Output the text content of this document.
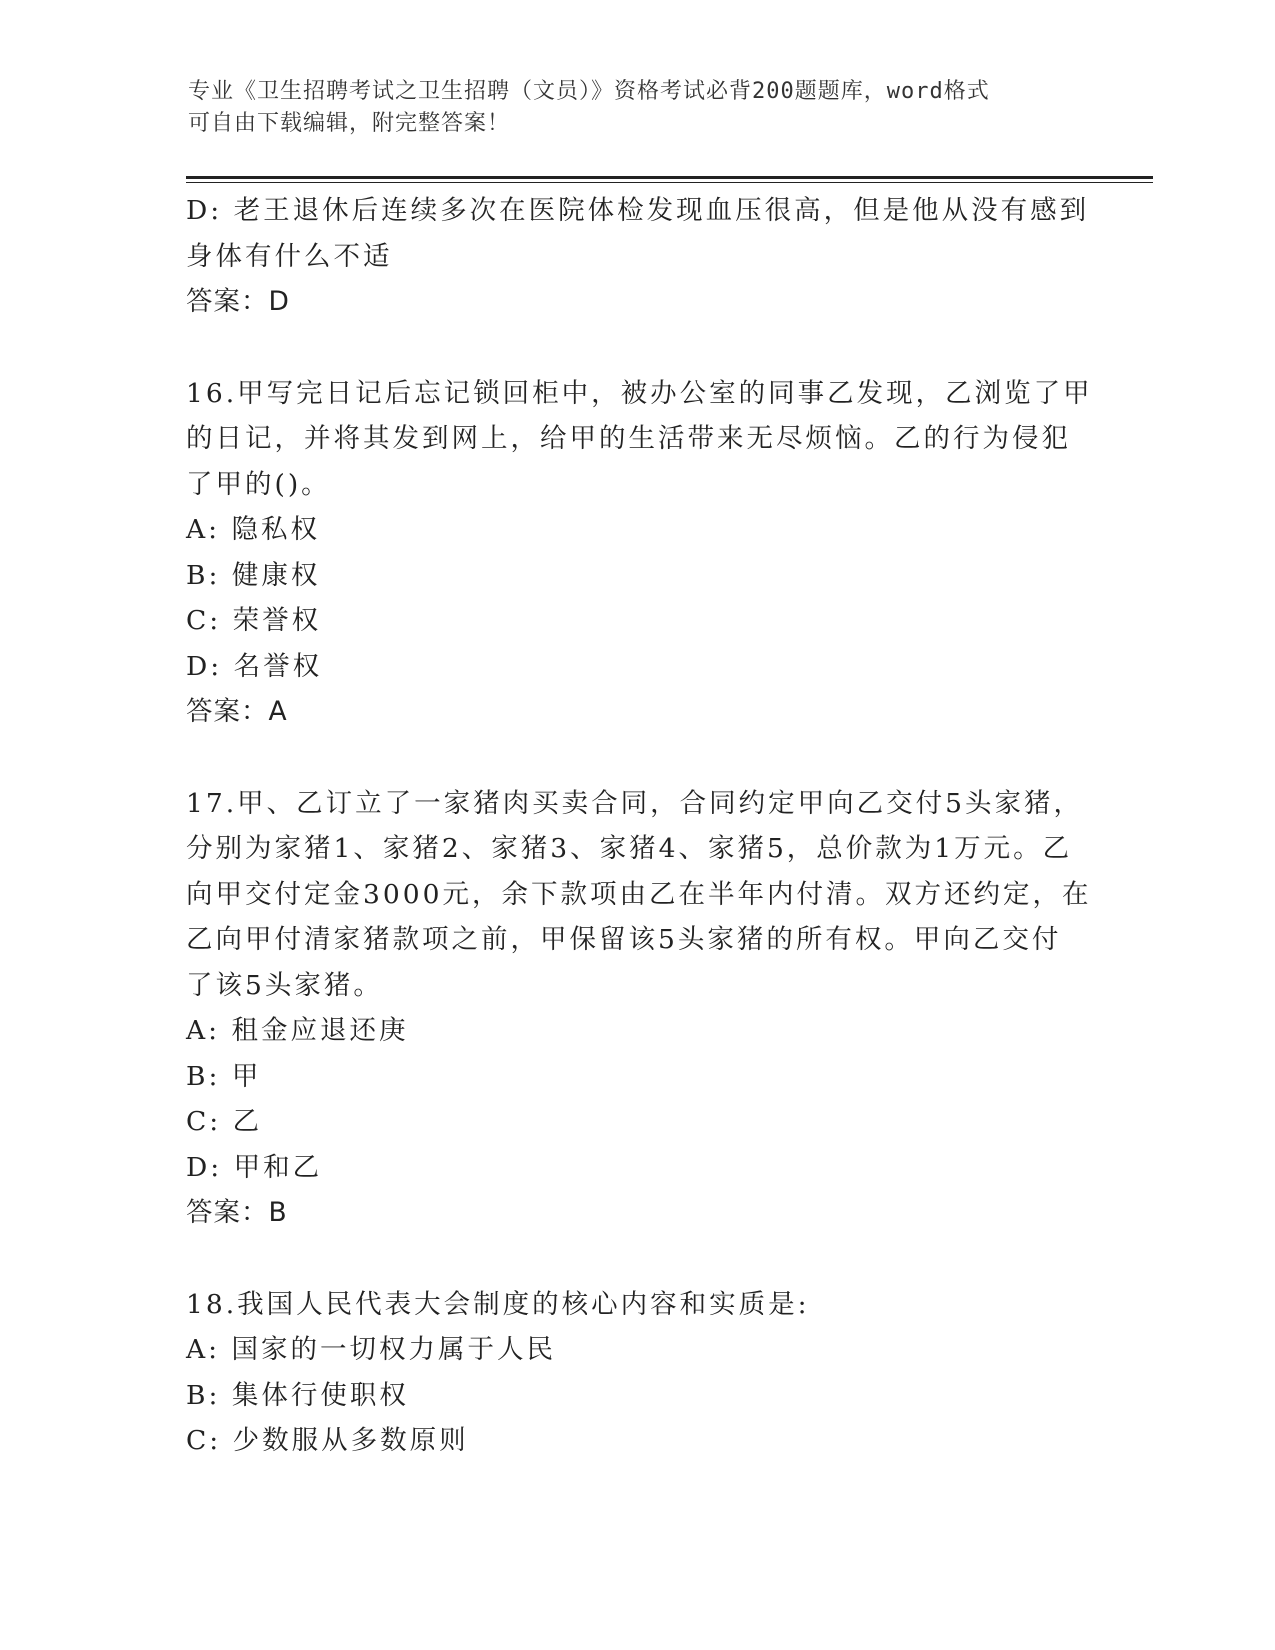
专业《卫生招聘考试之卫生招聘（文员）》资格考试必背200题题库，word格式
可自由下载编辑，附完整答案！
D: 老王退休后连续多次在医院体检发现血压很高，但是他从没有感到
身体有什么不适
答案：D
16.甲写完日记后忘记锁回柜中，被办公室的同事乙发现，乙浏览了甲
的日记，并将其发到网上，给甲的生活带来无尽烦恼。乙的行为侵犯
了甲的()。
A: 隐私权
B: 健康权
C: 荣誉权
D: 名誉权
答案：A
17.甲、乙订立了一家猪肉买卖合同，合同约定甲向乙交付5头家猪，
分别为家猪1、家猪2、家猪3、家猪4、家猪5，总价款为1万元。乙
向甲交付定金3000元，余下款项由乙在半年内付清。双方还约定，在
乙向甲付清家猪款项之前，甲保留该5头家猪的所有权。甲向乙交付
了该5头家猪。
A: 租金应退还庚
B: 甲
C: 乙
D: 甲和乙
答案：B
18.我国人民代表大会制度的核心内容和实质是:
A: 国家的一切权力属于人民
B: 集体行使职权
C: 少数服从多数原则
